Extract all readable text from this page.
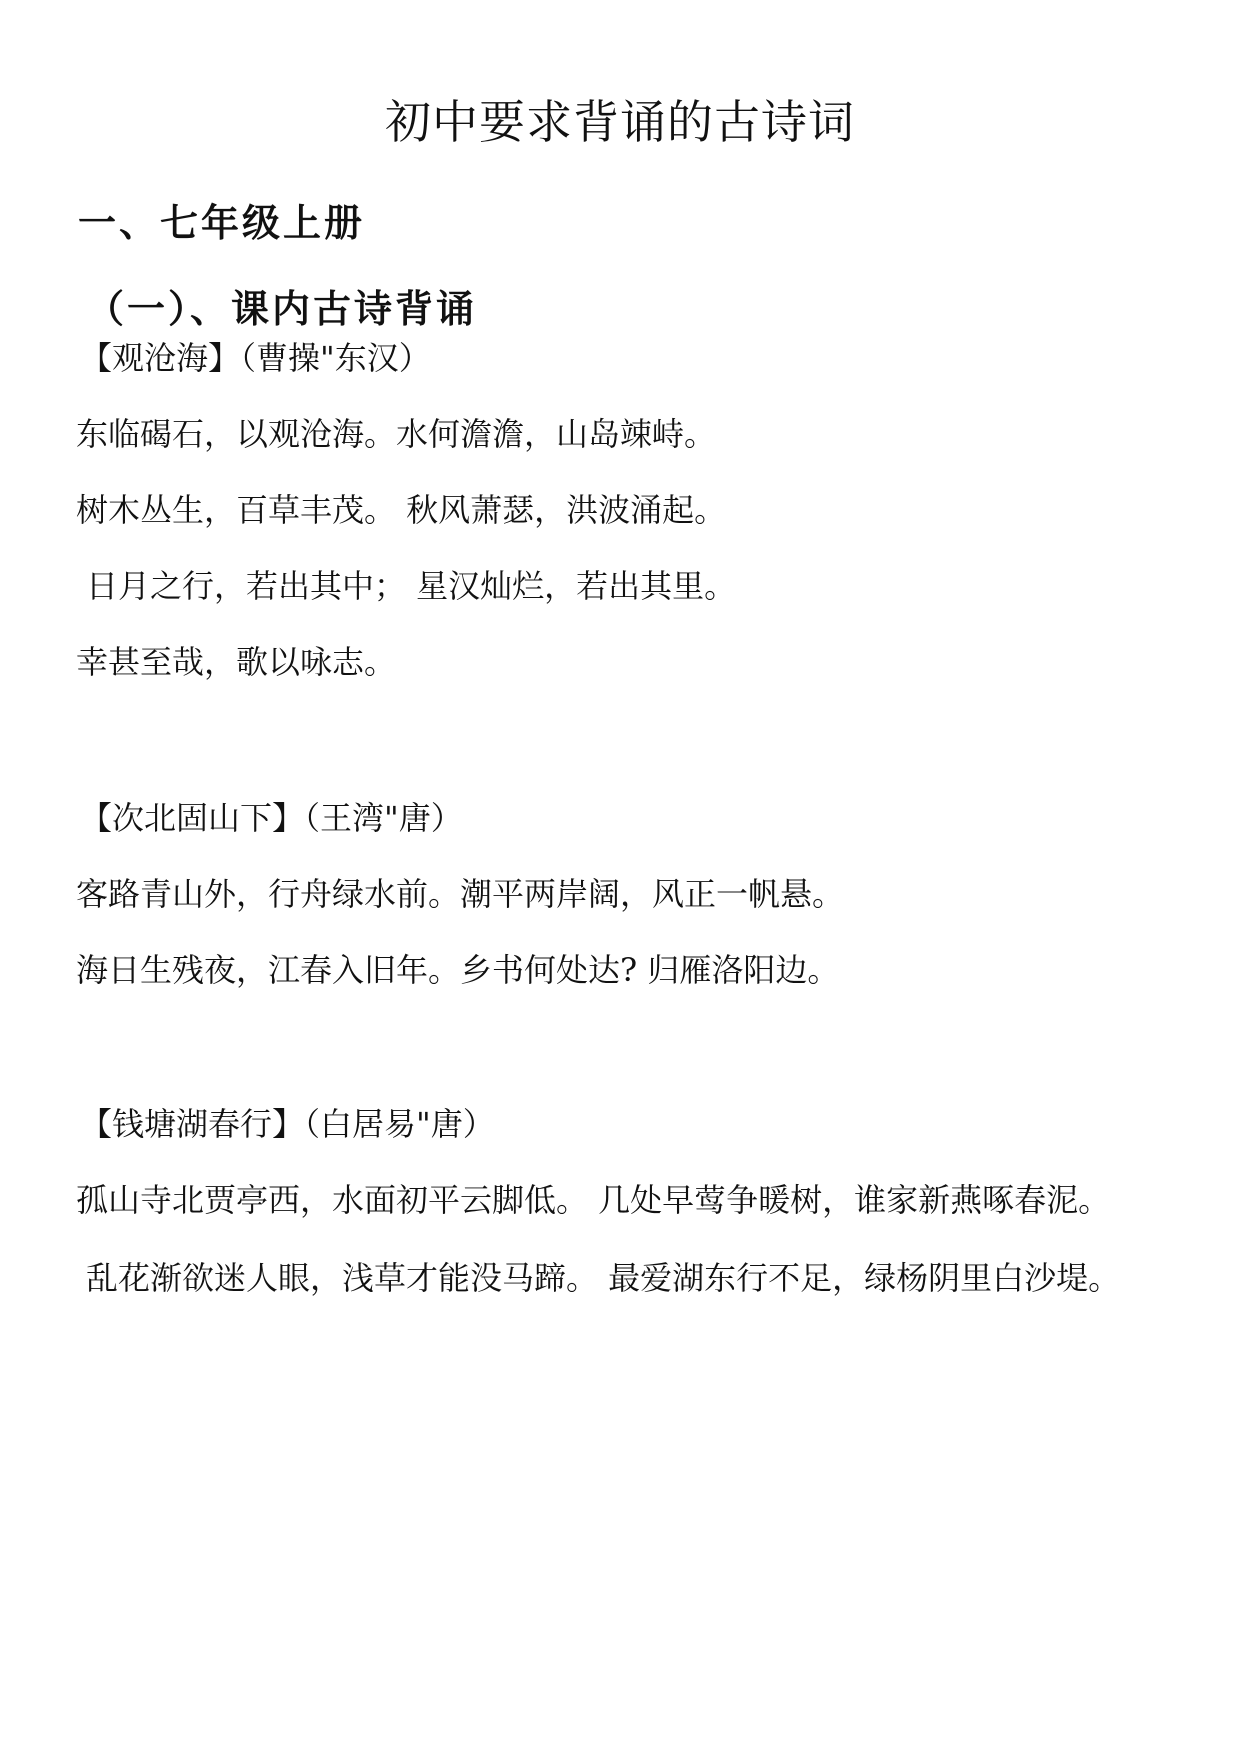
初中要求背诵的古诗词
一、七年级上册
（一）、课内古诗背诵
【观沧海】（曹操"东汉）
东临碣石，以观沧海。水何澹澹，山岛竦峙。
树木丛生，百草丰茂。 秋风萧瑟，洪波涌起。
日月之行，若出其中； 星汉灿烂，若出其里。
幸甚至哉，歌以咏志。
【次北固山下】（王湾"唐）
客路青山外，行舟绿水前。潮平两岸阔，风正一帆悬。
海日生残夜，江春入旧年。乡书何处达? 归雁洛阳边。
【钱塘湖春行】（白居易"唐）
孤山寺北贾亭西，水面初平云脚低。 几处早莺争暖树，谁家新燕啄春泥。
乱花渐欲迷人眼，浅草才能没马蹄。 最爱湖东行不足，绿杨阴里白沙堤。
